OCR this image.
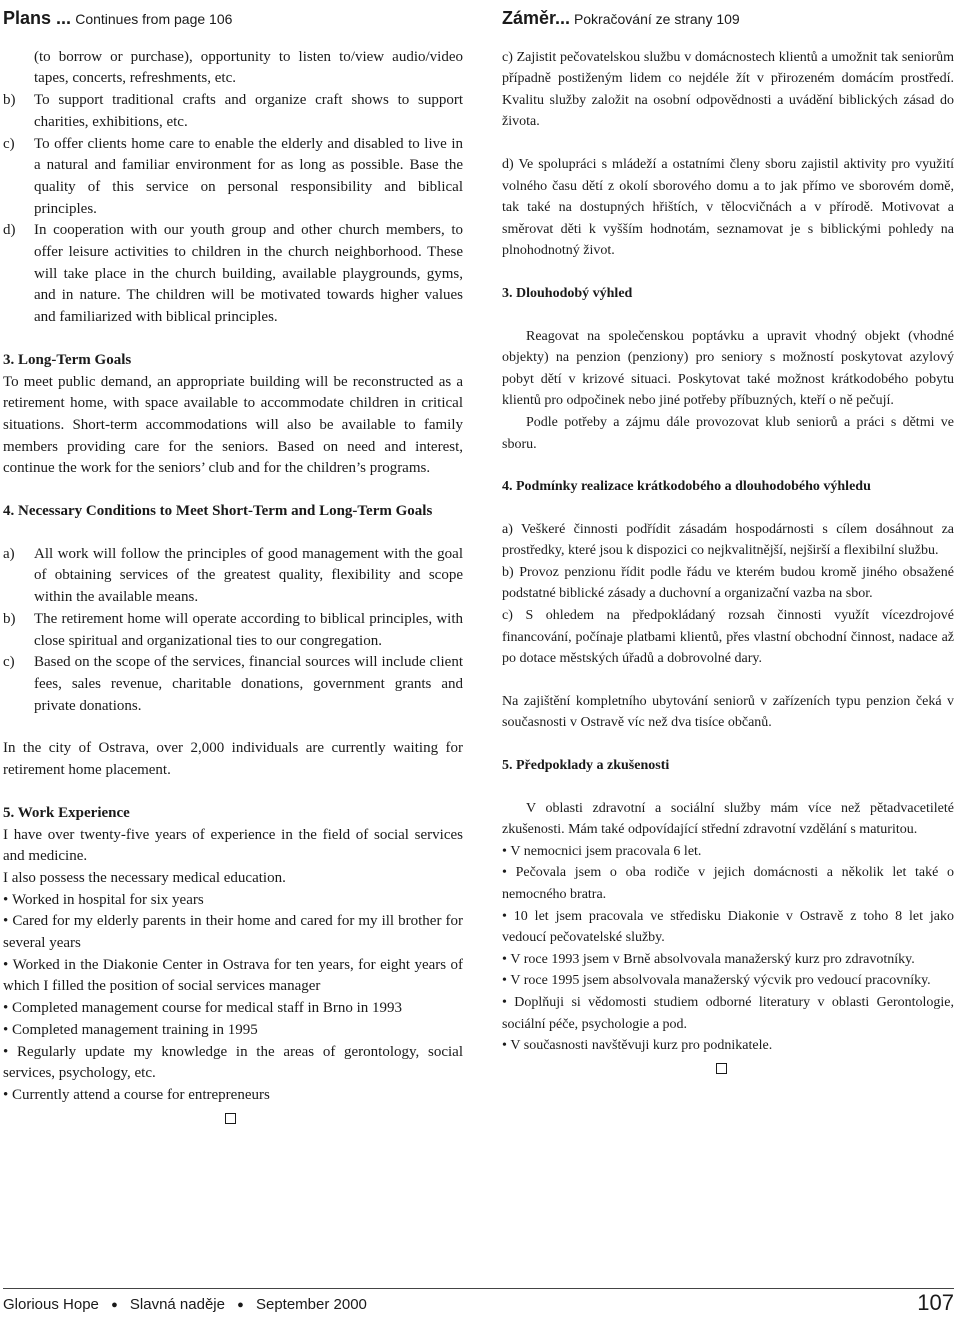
Plans ... Continues from page 106

(to borrow or purchase), opportunity to listen to/view audio/video tapes, concerts, refreshments, etc.

b)	To support traditional crafts and organize craft shows to support charities, exhibitions, etc.
c)	To offer clients home care to enable the elderly and disabled to live in a natural and familiar environment for as long as possible. Base the quality of this service on personal responsibility and biblical principles.
d)	In cooperation with our youth group and other church members, to offer leisure activities to children in the church neighborhood. These will take place in the church building, available playgrounds, gyms, and in nature. The children will be motivated towards higher values and familiarized with biblical principles.

3. Long-Term Goals

To meet public demand, an appropriate building will be reconstructed as a retirement home, with space available to accommodate children in critical situations. Short-term accommodations will also be available to family members providing care for the seniors. Based on need and interest, continue the work for the seniors’ club and for the children’s programs.

4. Necessary Conditions to Meet Short-Term and Long-Term Goals

a)	All work will follow the principles of good management with the goal of obtaining services of the greatest quality, flexibility and scope within the available means.
b)	The retirement home will operate according to biblical principles, with close spiritual and organizational ties to our congregation.
c)	Based on the scope of the services, financial sources will include client fees, sales revenue, charitable donations, government grants and private donations.

In the city of Ostrava, over 2,000 individuals are currently waiting for retirement home placement.

5. Work Experience

I have over twenty-five years of experience in the field of social services and medicine.

I also possess the necessary medical education.

• Worked in hospital for six years

• Cared for my elderly parents in their home and cared for my ill brother for several years

• Worked in the Diakonie Center in Ostrava for ten years, for eight years of which I filled the position of social services manager

• Completed management course for medical staff in Brno in 1993

• Completed management training in 1995

• Regularly update my knowledge in the areas of gerontology, social services, psychology, etc.

• Currently attend a course for entrepreneurs

Záměr... Pokračování ze strany 109

c) Zajistit pečovatelskou službu v domácnostech klientů a umožnit tak seniorům případně postiženým lidem co nejdéle žít v přirozeném domácím prostředí. Kvalitu služby založit na osobní odpovědnosti a uvádění biblických zásad do života.

d) Ve spolupráci s mládeží a ostatními členy sboru zajistil aktivity pro využití volného času dětí z okolí sborového domu a to jak přímo ve sborovém domě, tak také na dostupných hřištích, v tělocvičnách a v přírodě. Motivovat a směrovat děti k vyšším hodnotám, seznamovat je s biblickými pohledy na plnohodnotný život.

3. Dlouhodobý výhled

Reagovat na společenskou poptávku a upravit vhodný objekt (vhodné objekty) na penzion (penziony) pro seniory s možností poskytovat azylový pobyt dětí v krizové situaci. Poskytovat také možnost krátkodobého pobytu klientů pro odpočinek nebo jiné potřeby příbuzných, kteří o ně pečují.

Podle potřeby a zájmu dále provozovat klub seniorů a práci s dětmi ve sboru.

4. Podmínky realizace krátkodobého a dlouhodobého výhledu

a) Veškeré činnosti podřídit zásadám hospodárnosti s cílem dosáhnout za prostředky, které jsou k dispozici co nejkvalitnější, nejširší a flexibilní službu.

b) Provoz penzionu řídit podle řádu ve kterém budou kromě jiného obsažené podstatné biblické zásady a duchovní a organizační vazba na sbor.

c) S ohledem na předpokládaný rozsah činnosti využít vícezdrojové financování, počínaje platbami klientů, přes vlastní obchodní činnost, nadace až po dotace městských úřadů a dobrovolné dary.

Na zajištění kompletního ubytování seniorů v zařízeních typu penzion čeká v současnosti v Ostravě víc než dva tisíce občanů.

5. Předpoklady a zkušenosti

V oblasti zdravotní a sociální služby mám více než pětadvacetileté zkušenosti. Mám také odpovídající střední zdravotní vzdělání s maturitou.

• V nemocnici jsem pracovala 6 let.

• Pečovala jsem o oba rodiče v jejich domácnosti a několik let také o nemocného bratra.

• 10 let jsem pracovala ve středisku Diakonie v Ostravě z toho 8 let jako vedoucí pečovatelské služby.

• V roce 1993 jsem v Brně absolvovala manažerský kurz pro zdravotníky.

• V roce 1995 jsem absolvovala manažerský výcvik pro vedoucí pracovníky.

• Doplňuji si vědomosti studiem odborné literatury v oblasti Gerontologie, sociální péče, psychologie a pod.

• V současnosti navštěvuji kurz pro podnikatele.

Glorious Hope ● Slavná naděje ● September 2000	107
